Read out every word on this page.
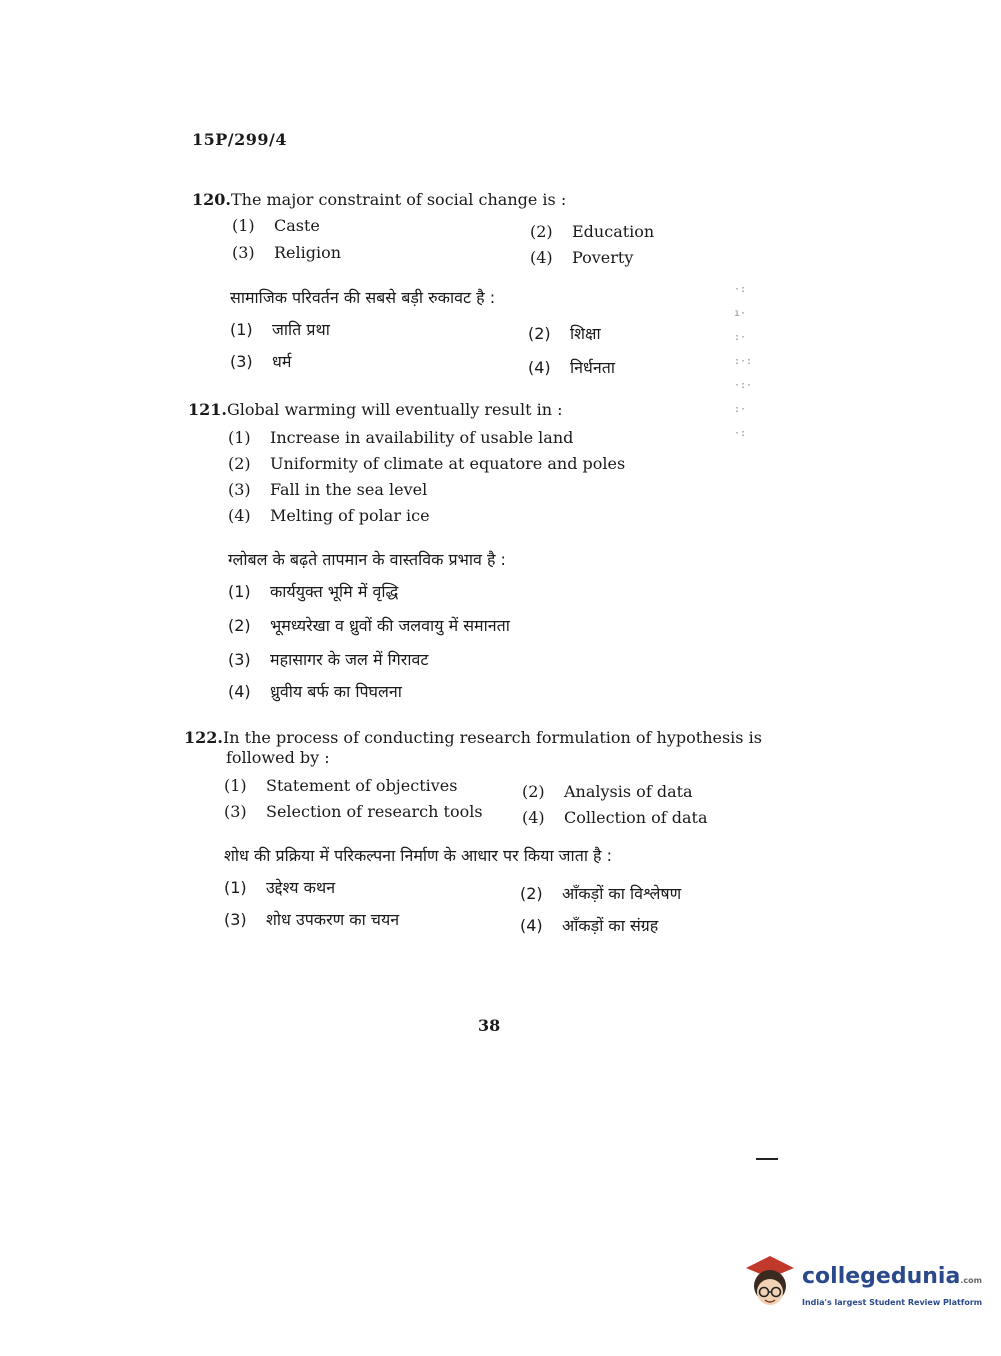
15P/299/4
120.The major constraint of social change is :
(1) Caste	(2) Education
(3) Religion	(4) Poverty
सामाजिक परिवर्तन की सबसे बड़ी रुकावट है :
(1) जाति प्रथा	(2) शिक्षा
(3) धर्म	(4) निर्धनता
121.Global warming will eventually result in :
(1) Increase in availability of usable land
(2) Uniformity of climate at equatore and poles
(3) Fall in the sea level
(4) Melting of polar ice
ग्लोबल के बढ़ते तापमान के वास्तविक प्रभाव है :
(1) कार्ययुक्त भूमि में वृद्धि
(2) भूमध्यरेखा व ध्रुवों की जलवायु में समानता
(3) महासागर के जल में गिरावट
(4) ध्रुवीय बर्फ का पिघलना
122.In the process of conducting research formulation of hypothesis is
followed by :
(1) Statement of objectives	(2) Analysis of data
(3) Selection of research tools (4) Collection of data
शोध की प्रक्रिया में परिकल्पना निर्माण के आधार पर किया जाता है :
(1) उद्देश्य कथन	(2) आँकड़ों का विश्लेषण
(3) शोध उपकरण का चयन	(4) आँकड़ों का संग्रह
·:
ı·
:·
:·:
·:·
:·
·:
38
collegedunia.com
India's largest Student Review Platform
